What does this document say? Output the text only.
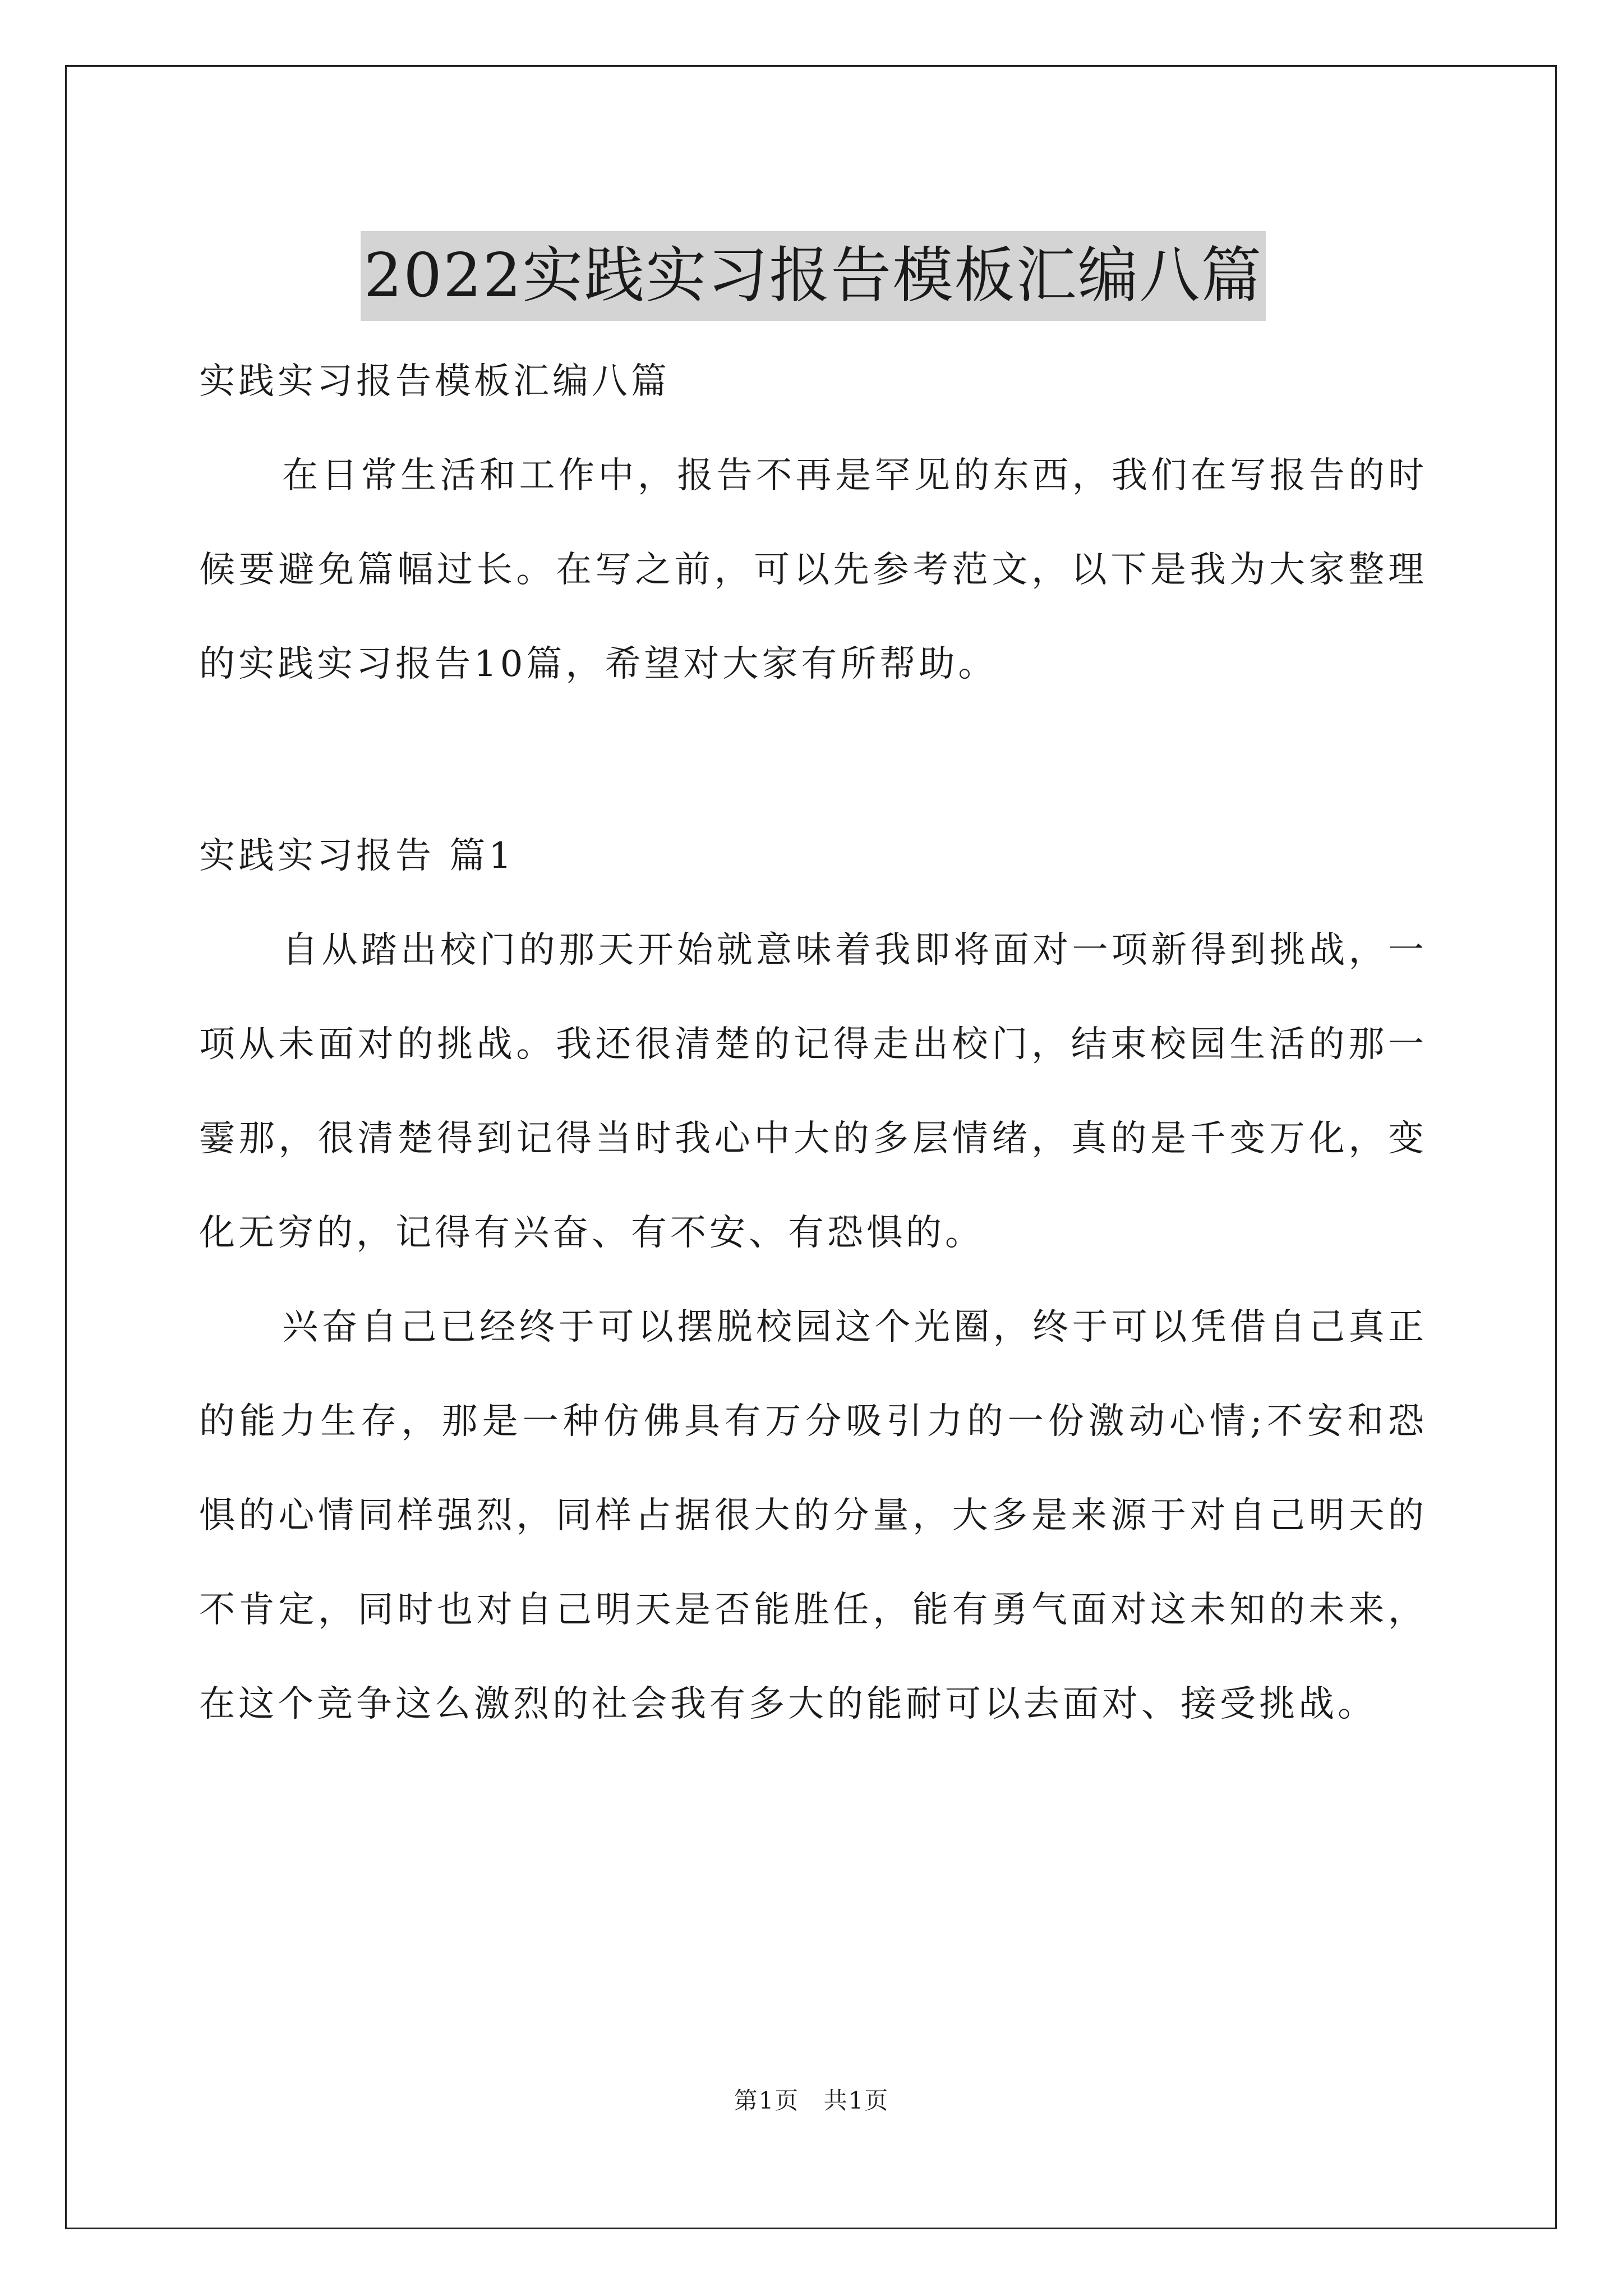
2022实践实习报告模板汇编八篇

实践实习报告模板汇编八篇

在日常生活和工作中，报告不再是罕见的东西，我们在写报告的时候要避免篇幅过长。在写之前，可以先参考范文，以下是我为大家整理的实践实习报告10篇，希望对大家有所帮助。

实践实习报告 篇1

自从踏出校门的那天开始就意味着我即将面对一项新得到挑战，一项从未面对的挑战。我还很清楚的记得走出校门，结束校园生活的那一霎那，很清楚得到记得当时我心中大的多层情绪，真的是千变万化，变化无穷的，记得有兴奋、有不安、有恐惧的。

兴奋自己已经终于可以摆脱校园这个光圈，终于可以凭借自己真正的能力生存，那是一种仿佛具有万分吸引力的一份激动心情;不安和恐惧的心情同样强烈，同样占据很大的分量，大多是来源于对自己明天的不肯定，同时也对自己明天是否能胜任，能有勇气面对这未知的未来，在这个竞争这么激烈的社会我有多大的能耐可以去面对、接受挑战。

第1页 共1页
